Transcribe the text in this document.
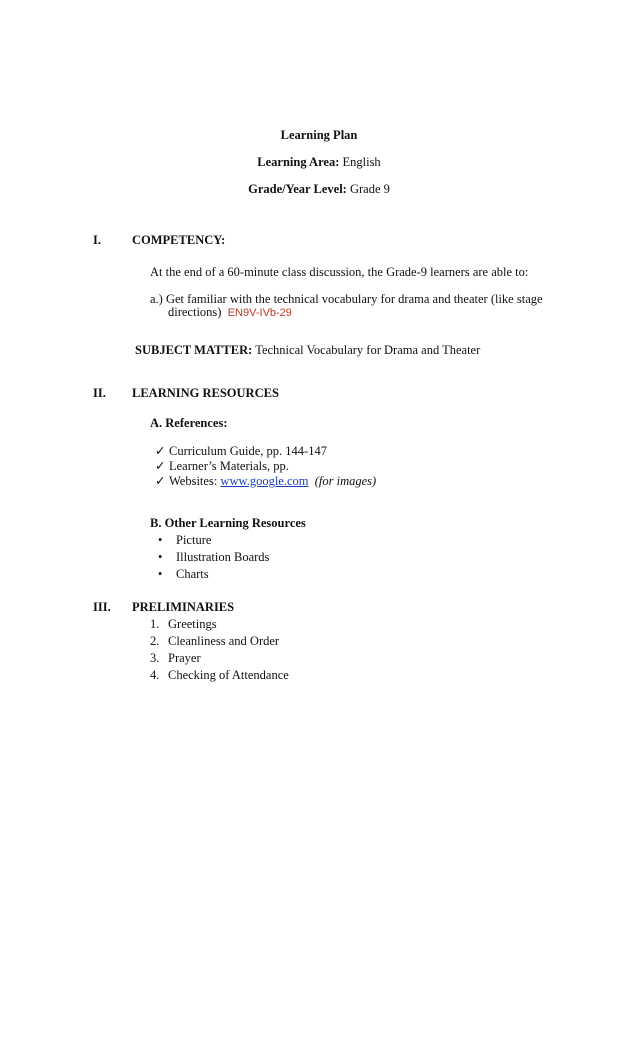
Learning Plan
Learning Area: English
Grade/Year Level: Grade 9
I. COMPETENCY:
At the end of a 60-minute class discussion, the Grade-9 learners are able to:
a.) Get familiar with the technical vocabulary for drama and theater (like stage
directions) EN9V-IVb-29
SUBJECT MATTER: Technical Vocabulary for Drama and Theater
II. LEARNING RESOURCES
A. References:
✓ Curriculum Guide, pp. 144-147
✓ Learner’s Materials, pp.
✓ Websites: www.google.com (for images)
B. Other Learning Resources
• Picture
• Illustration Boards
• Charts
III. PRELIMINARIES
1. Greetings
2. Cleanliness and Order
3. Prayer
4. Checking of Attendance
